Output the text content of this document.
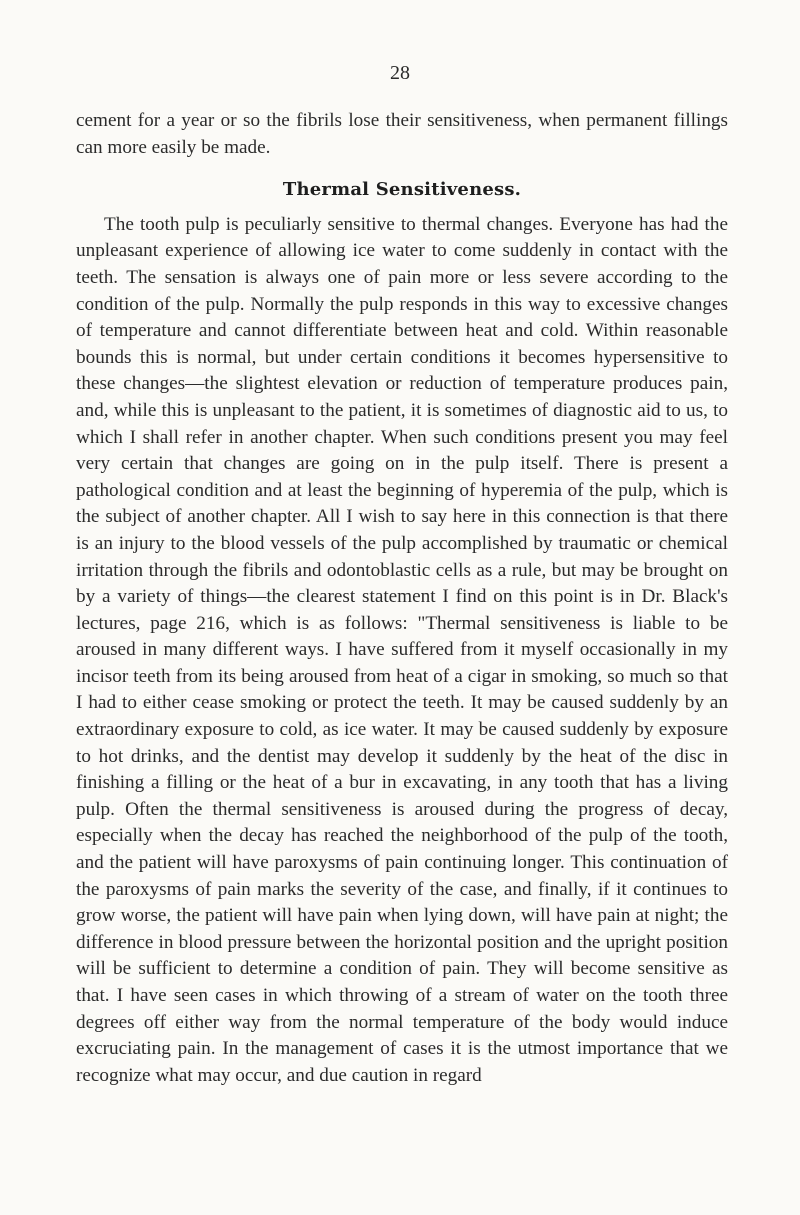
28

cement for a year or so the fibrils lose their sensitiveness, when permanent fillings can more easily be made.

Thermal Sensitiveness.

The tooth pulp is peculiarly sensitive to thermal changes. Everyone has had the unpleasant experience of allowing ice water to come suddenly in contact with the teeth. The sensation is always one of pain more or less severe according to the condition of the pulp. Normally the pulp responds in this way to excessive changes of temperature and cannot differentiate between heat and cold. Within reasonable bounds this is normal, but under certain conditions it becomes hypersensitive to these changes—the slightest elevation or reduction of temperature produces pain, and, while this is unpleasant to the patient, it is sometimes of diagnostic aid to us, to which I shall refer in another chapter. When such conditions present you may feel very certain that changes are going on in the pulp itself. There is present a pathological condition and at least the beginning of hyperemia of the pulp, which is the subject of another chapter. All I wish to say here in this connection is that there is an injury to the blood vessels of the pulp accomplished by traumatic or chemical irritation through the fibrils and odontoblastic cells as a rule, but may be brought on by a variety of things—the clearest statement I find on this point is in Dr. Black's lectures, page 216, which is as follows: "Thermal sensitiveness is liable to be aroused in many different ways. I have suffered from it myself occasionally in my incisor teeth from its being aroused from heat of a cigar in smoking, so much so that I had to either cease smoking or protect the teeth. It may be caused suddenly by an extraordinary exposure to cold, as ice water. It may be caused suddenly by exposure to hot drinks, and the dentist may develop it suddenly by the heat of the disc in finishing a filling or the heat of a bur in excavating, in any tooth that has a living pulp. Often the thermal sensitiveness is aroused during the progress of decay, especially when the decay has reached the neighborhood of the pulp of the tooth, and the patient will have paroxysms of pain continuing longer. This continuation of the paroxysms of pain marks the severity of the case, and finally, if it continues to grow worse, the patient will have pain when lying down, will have pain at night; the difference in blood pressure between the horizontal position and the upright position will be sufficient to determine a condition of pain. They will become sensitive as that. I have seen cases in which throwing of a stream of water on the tooth three degrees off either way from the normal temperature of the body would induce excruciating pain. In the management of cases it is the utmost importance that we recognize what may occur, and due caution in regard
